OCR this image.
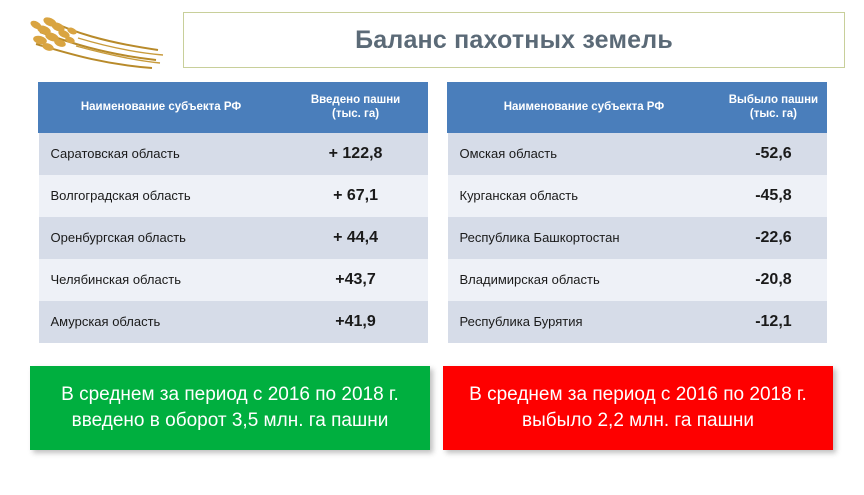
Баланс пахотных земель
Наименование субъекта РФ	Введено пашни
(тыс. га)

Саратовская область	+ 122,8
Волгоградская область	+ 67,1
Оренбургская область	+ 44,4
Челябинская область	+43,7
Амурская область	+41,9
Наименование субъекта РФ	Выбыло пашни
(тыс. га)

Омская область	-52,6
Курганская область	-45,8
Республика Башкортостан	-22,6
Владимирская область	-20,8
Республика Бурятия	-12,1
В среднем за период с 2016 по 2018 г.
введено в оборот 3,5 млн. га пашни
В среднем за период с 2016 по 2018 г.
выбыло 2,2 млн. га пашни
